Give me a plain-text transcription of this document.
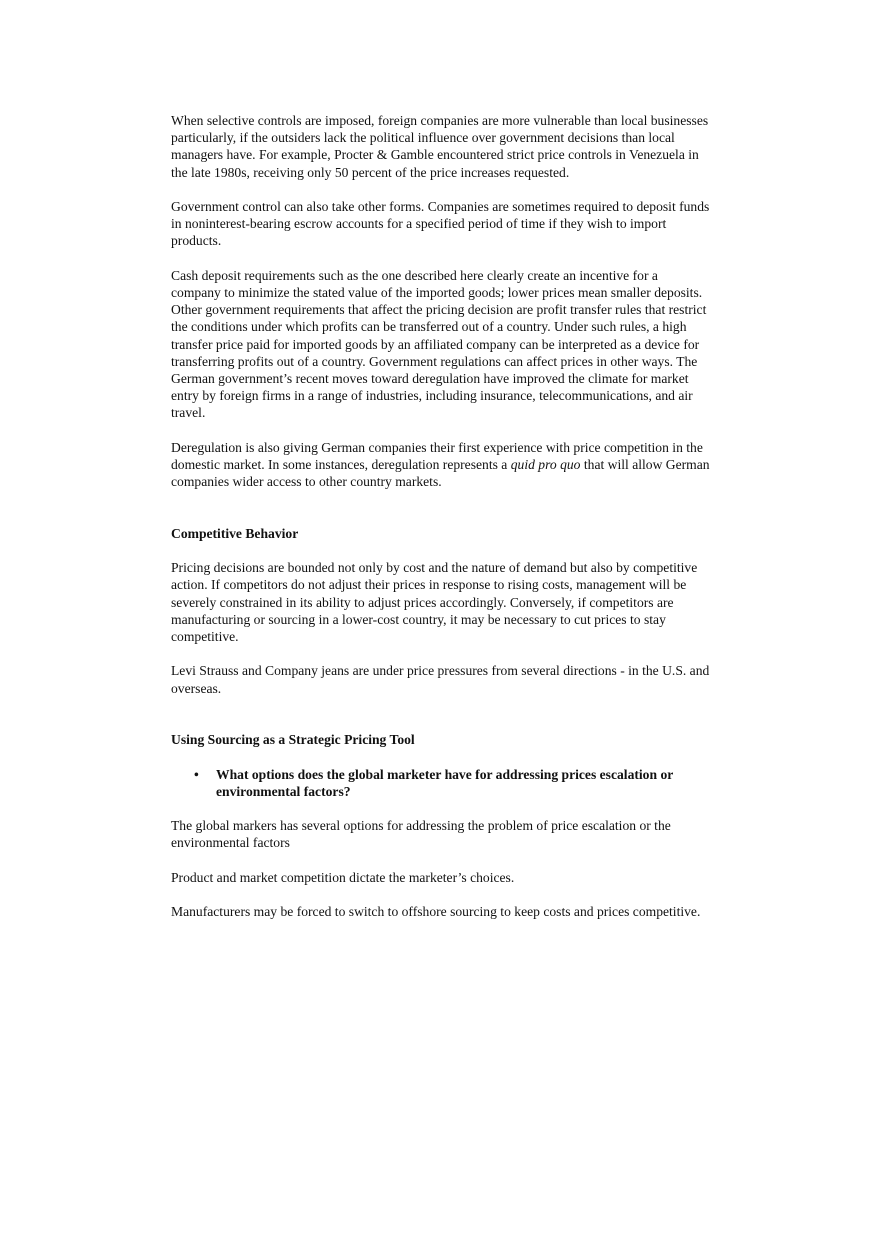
When selective controls are imposed, foreign companies are more vulnerable than local businesses particularly, if the outsiders lack the political influence over government decisions than local managers have. For example, Procter & Gamble encountered strict price controls in Venezuela in the late 1980s, receiving only 50 percent of the price increases requested.

Government control can also take other forms. Companies are sometimes required to deposit funds in noninterest-bearing escrow accounts for a specified period of time if they wish to import products.

Cash deposit requirements such as the one described here clearly create an incentive for a company to minimize the stated value of the imported goods; lower prices mean smaller deposits. Other government requirements that affect the pricing decision are profit transfer rules that restrict the conditions under which profits can be transferred out of a country. Under such rules, a high transfer price paid for imported goods by an affiliated company can be interpreted as a device for transferring profits out of a country. Government regulations can affect prices in other ways. The German government’s recent moves toward deregulation have improved the climate for market entry by foreign firms in a range of industries, including insurance, telecommunications, and air travel.

Deregulation is also giving German companies their first experience with price competition in the domestic market. In some instances, deregulation represents a quid pro quo that will allow German companies wider access to other country markets.

Competitive Behavior

Pricing decisions are bounded not only by cost and the nature of demand but also by competitive action. If competitors do not adjust their prices in response to rising costs, management will be severely constrained in its ability to adjust prices accordingly. Conversely, if competitors are manufacturing or sourcing in a lower-cost country, it may be necessary to cut prices to stay competitive.

Levi Strauss and Company jeans are under price pressures from several directions - in the U.S. and overseas.

Using Sourcing as a Strategic Pricing Tool

• What options does the global marketer have for addressing prices escalation or environmental factors?

The global markers has several options for addressing the problem of price escalation or the environmental factors

Product and market competition dictate the marketer’s choices.

Manufacturers may be forced to switch to offshore sourcing to keep costs and prices competitive.
